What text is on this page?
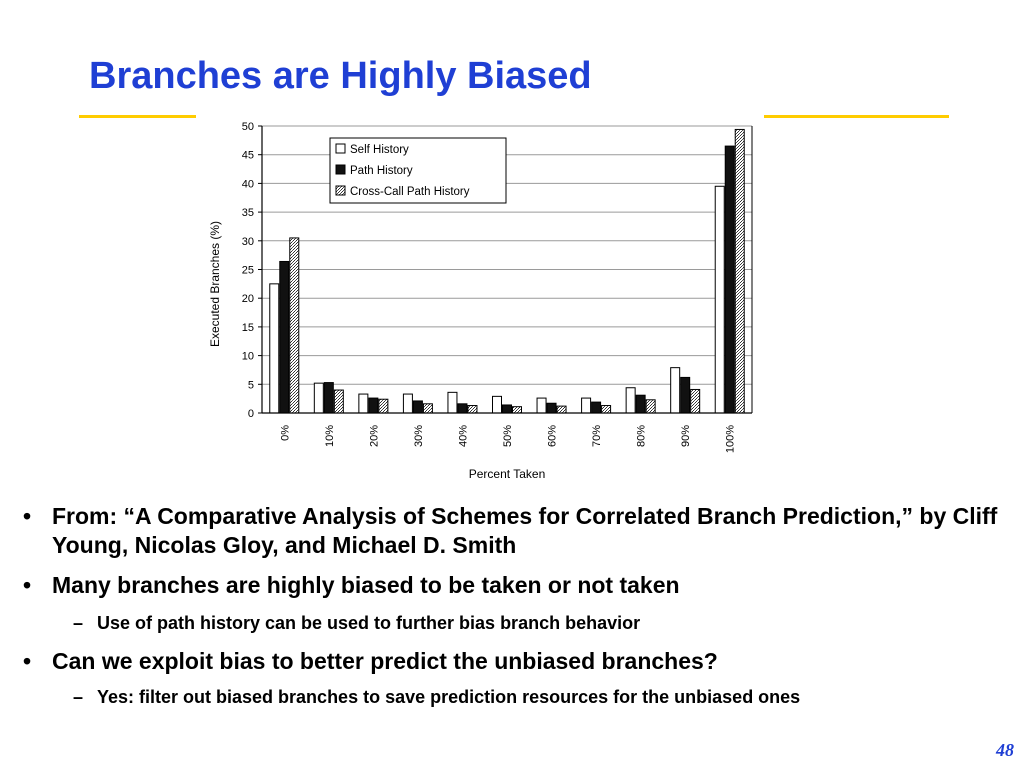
Branches are Highly Biased
0
5
10
15
20
25
30
35
40
45
50
0%	10%	20%	30%	40%	50%	60%	70%	80%	90%	100%
Self History
Path History
Cross-Call Path History
Executed Branches (%)
Percent Taken
• From: “A Comparative Analysis of Schemes for Correlated Branch Prediction,” by Cliff Young, Nicolas Gloy, and Michael D. Smith
• Many branches are highly biased to be taken or not taken
– Use of path history can be used to further bias branch behavior
• Can we exploit bias to better predict the unbiased branches?
– Yes: filter out biased branches to save prediction resources for the unbiased ones
48
